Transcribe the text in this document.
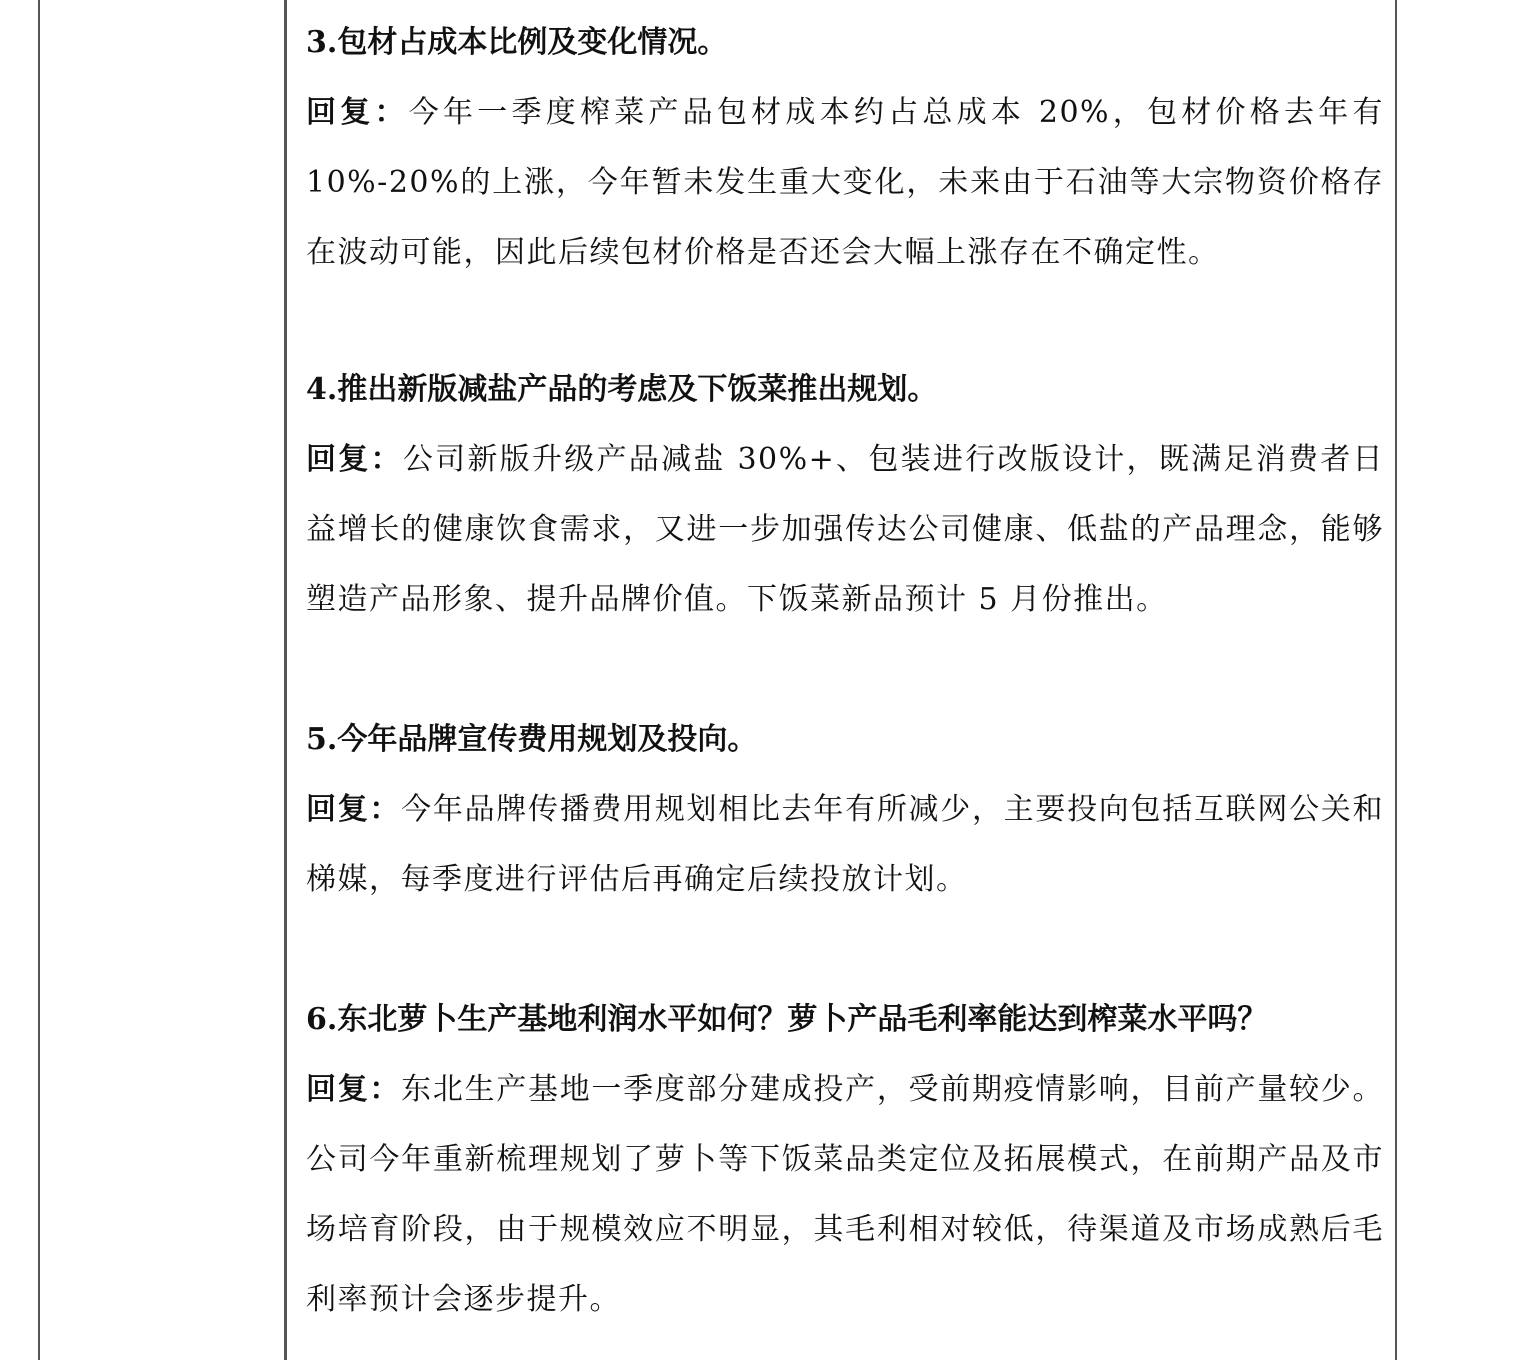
3.包材占成本比例及变化情况。
回复：今年一季度榨菜产品包材成本约占总成本 20%，包材价格去年有10%-20%的上涨，今年暂未发生重大变化，未来由于石油等大宗物资价格存在波动可能，因此后续包材价格是否还会大幅上涨存在不确定性。
4.推出新版减盐产品的考虑及下饭菜推出规划。
回复：公司新版升级产品减盐 30%+、包装进行改版设计，既满足消费者日益增长的健康饮食需求，又进一步加强传达公司健康、低盐的产品理念，能够塑造产品形象、提升品牌价值。下饭菜新品预计 5 月份推出。
5.今年品牌宣传费用规划及投向。
回复：今年品牌传播费用规划相比去年有所减少，主要投向包括互联网公关和梯媒，每季度进行评估后再确定后续投放计划。
6.东北萝卜生产基地利润水平如何？萝卜产品毛利率能达到榨菜水平吗？
回复：东北生产基地一季度部分建成投产，受前期疫情影响，目前产量较少。公司今年重新梳理规划了萝卜等下饭菜品类定位及拓展模式，在前期产品及市场培育阶段，由于规模效应不明显，其毛利相对较低，待渠道及市场成熟后毛利率预计会逐步提升。
